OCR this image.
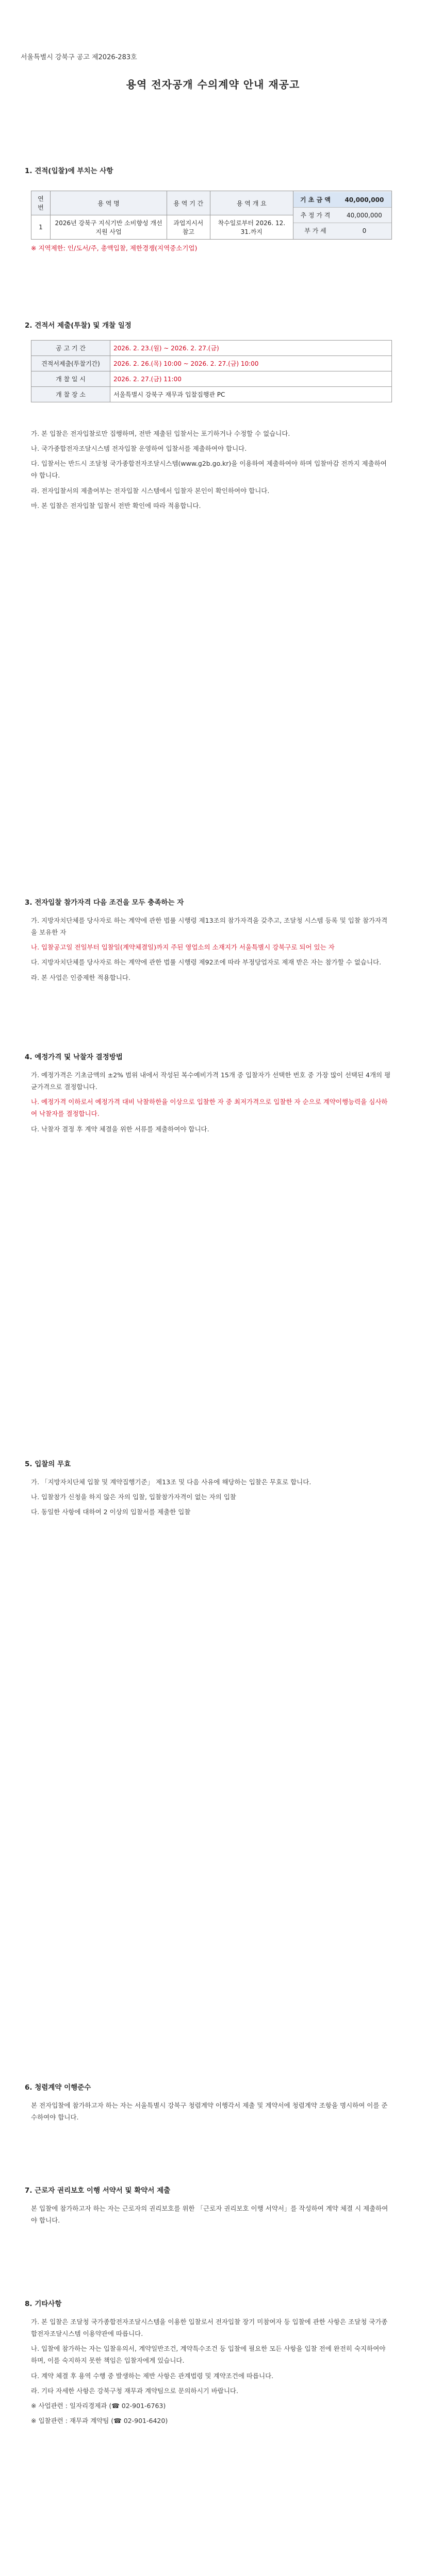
서울특별시 강북구 공고 제2026-283호
용역 전자공개 수의계약 안내 재공고
1. 견적(입찰)에 부치는 사항
연 번	용 역 명	용 역 기 간	용 역 개 요		기 초 금 액	40,000,000
추 정 가 격	40,000,000
부 가 세	0

1	2026년 강북구 지식기반 소비향성 개선지원 사업	과업지시서 참고	착수일로부터 2026. 12. 31.까지
※ 지역제한: 인/도서/주, 총액입찰, 제한경쟁(지역중소기업)
2. 견적서 제출(투찰) 및 개찰 일정
공 고 기 간	2026. 2. 23.(월) ~ 2026. 2. 27.(금)
견적서제출(투찰기간)	2026. 2. 26.(목) 10:00 ~ 2026. 2. 27.(금) 10:00
개 찰 일 시	2026. 2. 27.(금) 11:00
개 찰 장 소	서울특별시 강북구 재무과 입찰집행관 PC

가. 본 입찰은 전자입찰로만 집행하며, 전반 제출된 입찰서는 포기하거나 수정할 수 없습니다.

나. 국가종합전자조달시스템 전자입찰 운영하여 입찰서를 제출하여야 합니다.

다. 입찰서는 반드시 조달청 국가종합전자조달시스템(www.g2b.go.kr)을 이용하여 제출하여야 하며 입찰마감 전까지 제출하여야 합니다.

라. 전자입찰서의 제출여부는 전자입찰 시스템에서 입찰자 본인이 확인하여야 합니다.

마. 본 입찰은 전자입찰 입찰서 전반 확인에 따라 적용합니다.

3. 전자입찰 참가자격 다음 조건을 모두 충족하는 자

가. 지방자치단체를 당사자로 하는 계약에 관한 법률 시행령 제13조의 참가자격을 갖추고, 조달청 시스템 등록 및 입찰 참가자격을 보유한 자

나. 입찰공고일 전일부터 입찰일(계약체결일)까지 주된 영업소의 소재지가 서울특별시 강북구로 되어 있는 자

다. 지방자치단체를 당사자로 하는 계약에 관한 법률 시행령 제92조에 따라 부정당업자로 제재 받은 자는 참가할 수 없습니다.

라. 본 사업은 인증제한 적용합니다.

4. 예정가격 및 낙찰자 결정방법

가. 예정가격은 기초금액의 ±2% 범위 내에서 작성된 복수예비가격 15개 중 입찰자가 선택한 번호 중 가장 많이 선택된 4개의 평균가격으로 결정합니다.

나. 예정가격 이하로서 예정가격 대비 낙찰하한율 이상으로 입찰한 자 중 최저가격으로 입찰한 자 순으로 계약이행능력을 심사하여 낙찰자를 결정합니다.

다. 낙찰자 결정 후 계약 체결을 위한 서류를 제출하여야 합니다.

5. 입찰의 무효

가. 「지방자치단체 입찰 및 계약집행기준」 제13조 및 다음 사유에 해당하는 입찰은 무효로 합니다.

나. 입찰참가 신청을 하지 않은 자의 입찰, 입찰참가자격이 없는 자의 입찰

다. 동일한 사항에 대하여 2 이상의 입찰서를 제출한 입찰

6. 청렴계약 이행준수
본 전자입찰에 참가하고자 하는 자는 서울특별시 강북구 청렴계약 이행각서 제출 및 계약서에 청렴계약 조항을 명시하여 이를 준수하여야 합니다.
7. 근로자 권리보호 이행 서약서 및 확약서 제출
본 입찰에 참가하고자 하는 자는 근로자의 권리보호를 위한 「근로자 권리보호 이행 서약서」를 작성하여 계약 체결 시 제출하여야 합니다.
8. 기타사항

가. 본 입찰은 조달청 국가종합전자조달시스템을 이용한 입찰로서 전자입찰 장기 미참여자 등 입찰에 관한 사항은 조달청 국가종합전자조달시스템 이용약관에 따릅니다.

나. 입찰에 참가하는 자는 입찰유의서, 계약일반조건, 계약특수조건 등 입찰에 필요한 모든 사항을 입찰 전에 완전히 숙지하여야 하며, 이를 숙지하지 못한 책임은 입찰자에게 있습니다.

다. 계약 체결 후 용역 수행 중 발생하는 제반 사항은 관계법령 및 계약조건에 따릅니다.

라. 기타 자세한 사항은 강북구청 재무과 계약팀으로 문의하시기 바랍니다.

※ 사업관련 : 일자리경제과 (☎ 02-901-6763)

※ 입찰관련 : 재무과 계약팀 (☎ 02-901-6420)
